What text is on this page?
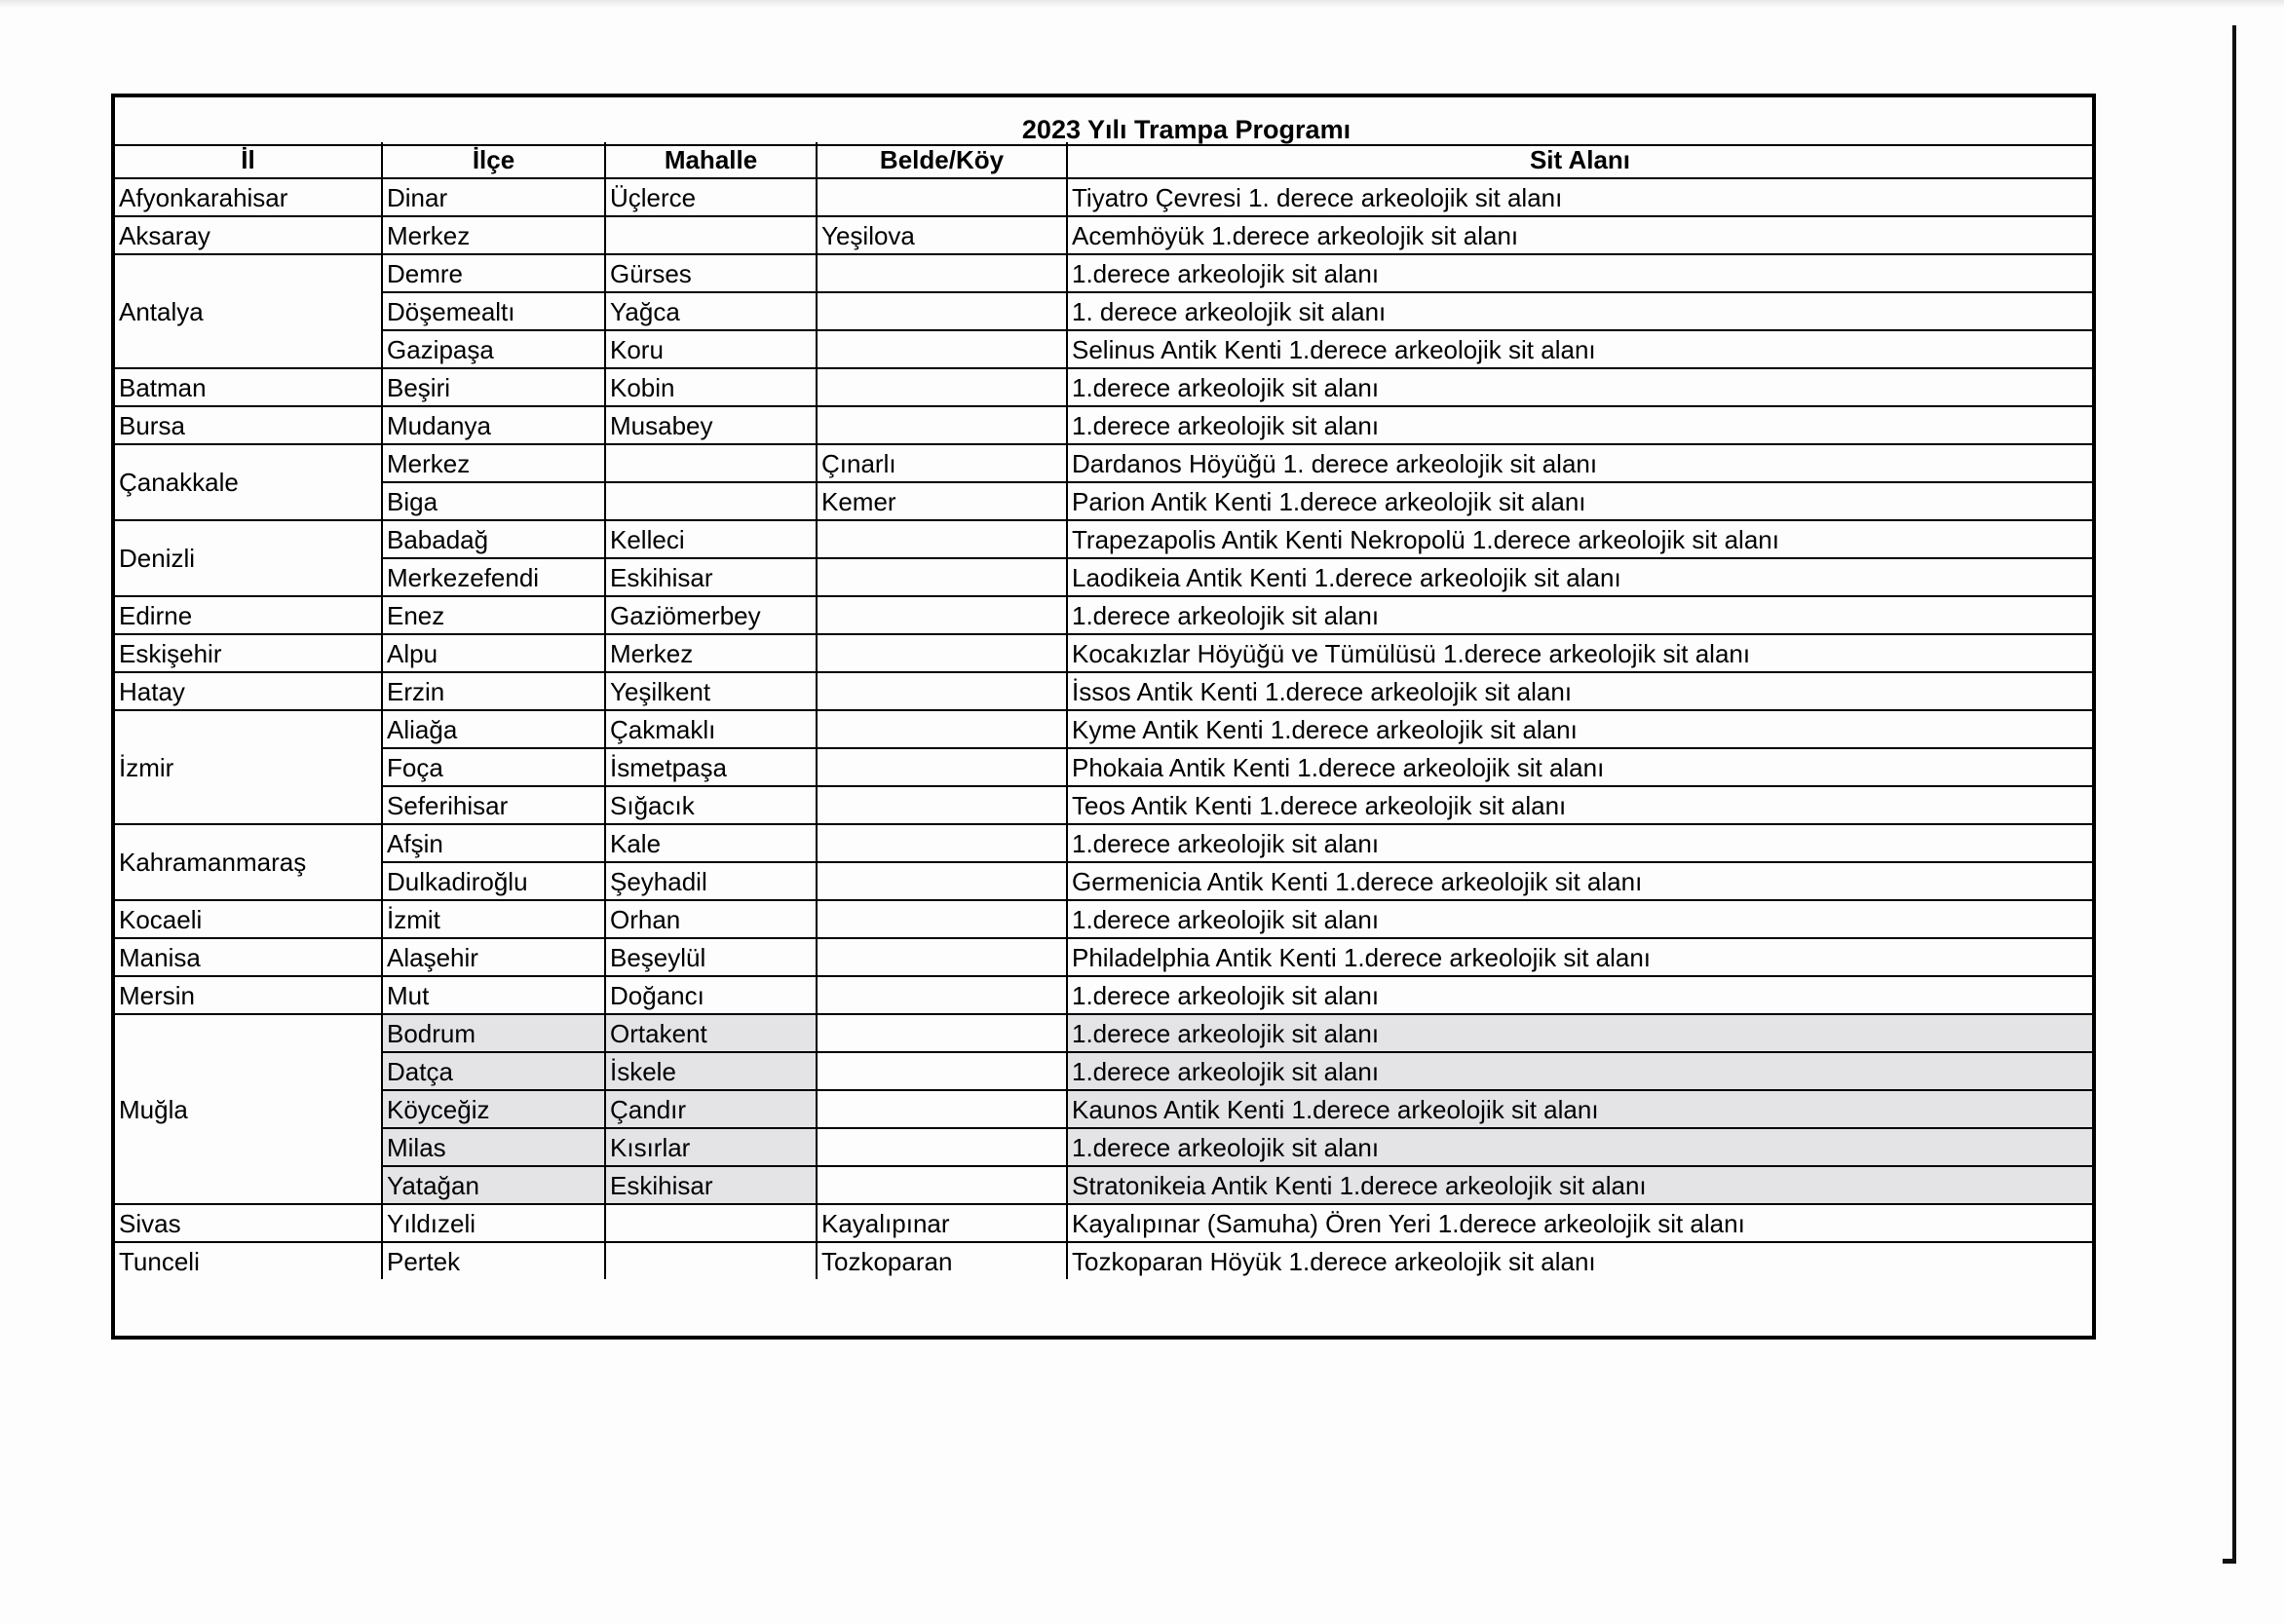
2023 Yılı Trampa Programı
İl	İlçe	Mahalle	Belde/Köy	Sit Alanı
Afyonkarahisar	Dinar	Üçlerce		Tiyatro Çevresi 1. derece arkeolojik sit alanı
Aksaray	Merkez		Yeşilova	Acemhöyük 1.derece arkeolojik sit alanı
Antalya	Demre	Gürses		1.derece arkeolojik sit alanı
	Döşemealtı	Yağca		1. derece arkeolojik sit alanı
	Gazipaşa	Koru		Selinus Antik Kenti 1.derece arkeolojik sit alanı
Batman	Beşiri	Kobin		1.derece arkeolojik sit alanı
Bursa	Mudanya	Musabey		1.derece arkeolojik sit alanı
Çanakkale	Merkez		Çınarlı	Dardanos Höyüğü 1. derece arkeolojik sit alanı
	Biga		Kemer	Parion Antik Kenti 1.derece arkeolojik sit alanı
Denizli	Babadağ	Kelleci		Trapezapolis Antik Kenti Nekropolü 1.derece arkeolojik sit alanı
	Merkezefendi	Eskihisar		Laodikeia Antik Kenti 1.derece arkeolojik sit alanı
Edirne	Enez	Gaziömerbey		1.derece arkeolojik sit alanı
Eskişehir	Alpu	Merkez		Kocakızlar Höyüğü ve Tümülüsü 1.derece arkeolojik sit alanı
Hatay	Erzin	Yeşilkent		İssos Antik Kenti 1.derece arkeolojik sit alanı
İzmir	Aliağa	Çakmaklı		Kyme Antik Kenti 1.derece arkeolojik sit alanı
	Foça	İsmetpaşa		Phokaia Antik Kenti 1.derece arkeolojik sit alanı
	Seferihisar	Sığacık		Teos Antik Kenti 1.derece arkeolojik sit alanı
Kahramanmaraş	Afşin	Kale		1.derece arkeolojik sit alanı
	Dulkadiroğlu	Şeyhadil		Germenicia Antik Kenti 1.derece arkeolojik sit alanı
Kocaeli	İzmit	Orhan		1.derece arkeolojik sit alanı
Manisa	Alaşehir	Beşeylül		Philadelphia Antik Kenti 1.derece arkeolojik sit alanı
Mersin	Mut	Doğancı		1.derece arkeolojik sit alanı
Muğla	Bodrum	Ortakent		1.derece arkeolojik sit alanı
	Datça	İskele		1.derece arkeolojik sit alanı
	Köyceğiz	Çandır		Kaunos Antik Kenti 1.derece arkeolojik sit alanı
	Milas	Kısırlar		1.derece arkeolojik sit alanı
	Yatağan	Eskihisar		Stratonikeia Antik Kenti 1.derece arkeolojik sit alanı
Sivas	Yıldızeli		Kayalıpınar	Kayalıpınar (Samuha) Ören Yeri 1.derece arkeolojik sit alanı
Tunceli	Pertek		Tozkoparan	Tozkoparan Höyük 1.derece arkeolojik sit alanı
